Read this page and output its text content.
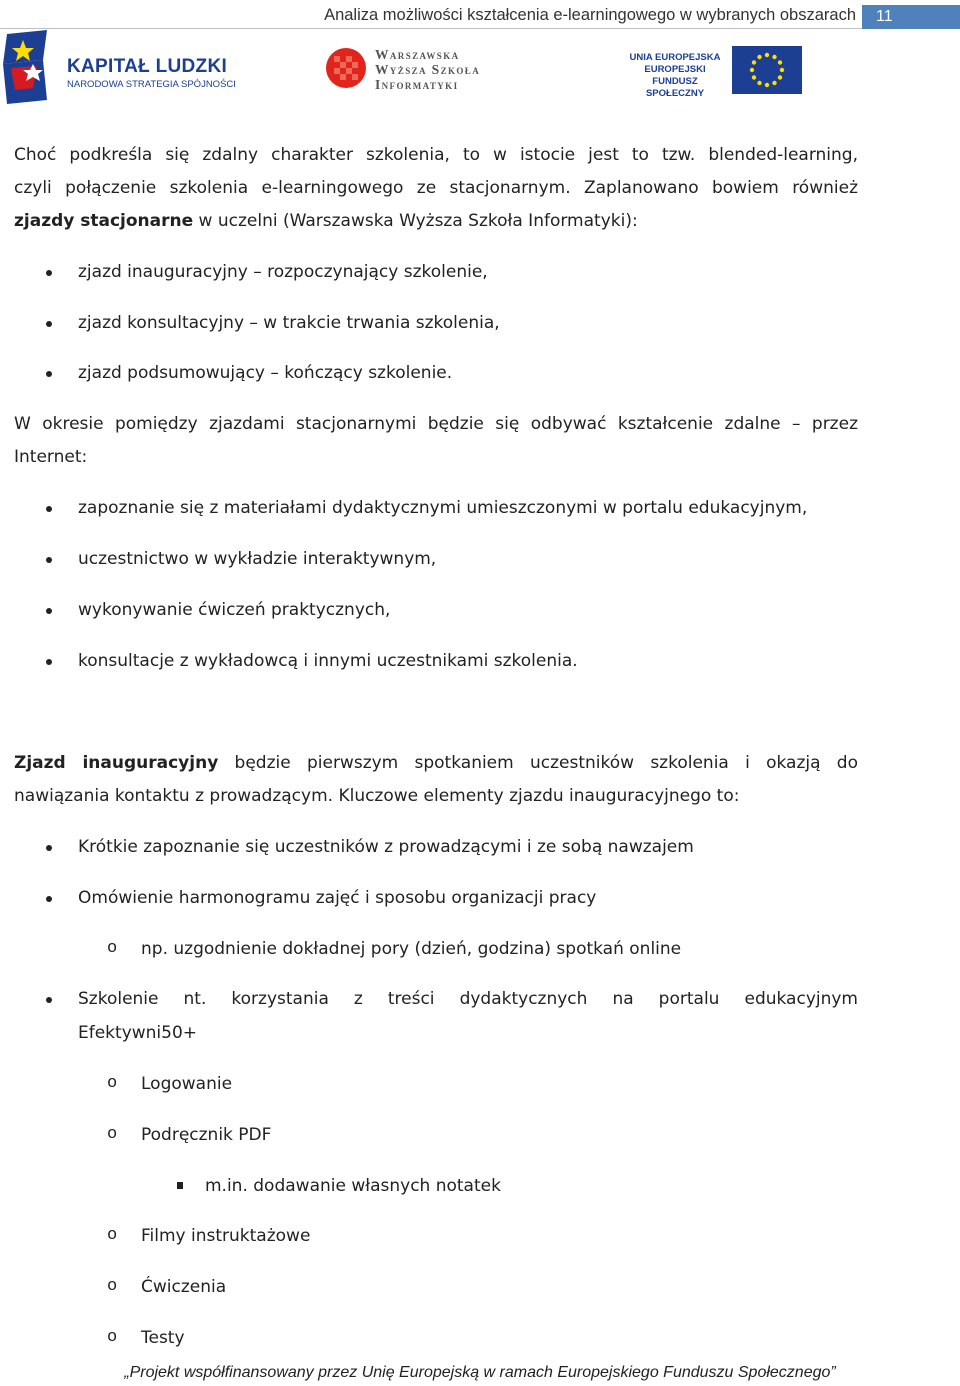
Analiza możliwości kształcenia e-learningowego w wybranych obszarach	11
KAPITAŁ LUDZKI
NARODOWA STRATEGIA SPÓJNOŚCI
Warszawska
Wyższa Szkoła
Informatyki
UNIA EUROPEJSKA
EUROPEJSKI
FUNDUSZ SPOŁECZNY
Choć podkreśla się zdalny charakter szkolenia, to w istocie jest to tzw. blended-learning,
czyli połączenie szkolenia e-learningowego ze stacjonarnym. Zaplanowano bowiem również
zjazdy stacjonarne w uczelni (Warszawska Wyższa Szkoła Informatyki):
zjazd inauguracyjny – rozpoczynający szkolenie,
zjazd konsultacyjny – w trakcie trwania szkolenia,
zjazd podsumowujący – kończący szkolenie.
W okresie pomiędzy zjazdami stacjonarnymi będzie się odbywać kształcenie zdalne – przez
Internet:
zapoznanie się z materiałami dydaktycznymi umieszczonymi w portalu edukacyjnym,
uczestnictwo w wykładzie interaktywnym,
wykonywanie ćwiczeń praktycznych,
konsultacje z wykładowcą i innymi uczestnikami szkolenia.
Zjazd inauguracyjny będzie pierwszym spotkaniem uczestników szkolenia i okazją do
nawiązania kontaktu z prowadzącym. Kluczowe elementy zjazdu inauguracyjnego to:
Krótkie zapoznanie się uczestników z prowadzącymi i ze sobą nawzajem
Omówienie harmonogramu zajęć i sposobu organizacji pracy
o np. uzgodnienie dokładnej pory (dzień, godzina) spotkań online
Szkolenie nt. korzystania z treści dydaktycznych na portalu edukacyjnym
Efektywni50+
o Logowanie
o Podręcznik PDF
m.in. dodawanie własnych notatek
o Filmy instruktażowe
o Ćwiczenia
o Testy
„Projekt współfinansowany przez Unię Europejską w ramach Europejskiego Funduszu Społecznego”
